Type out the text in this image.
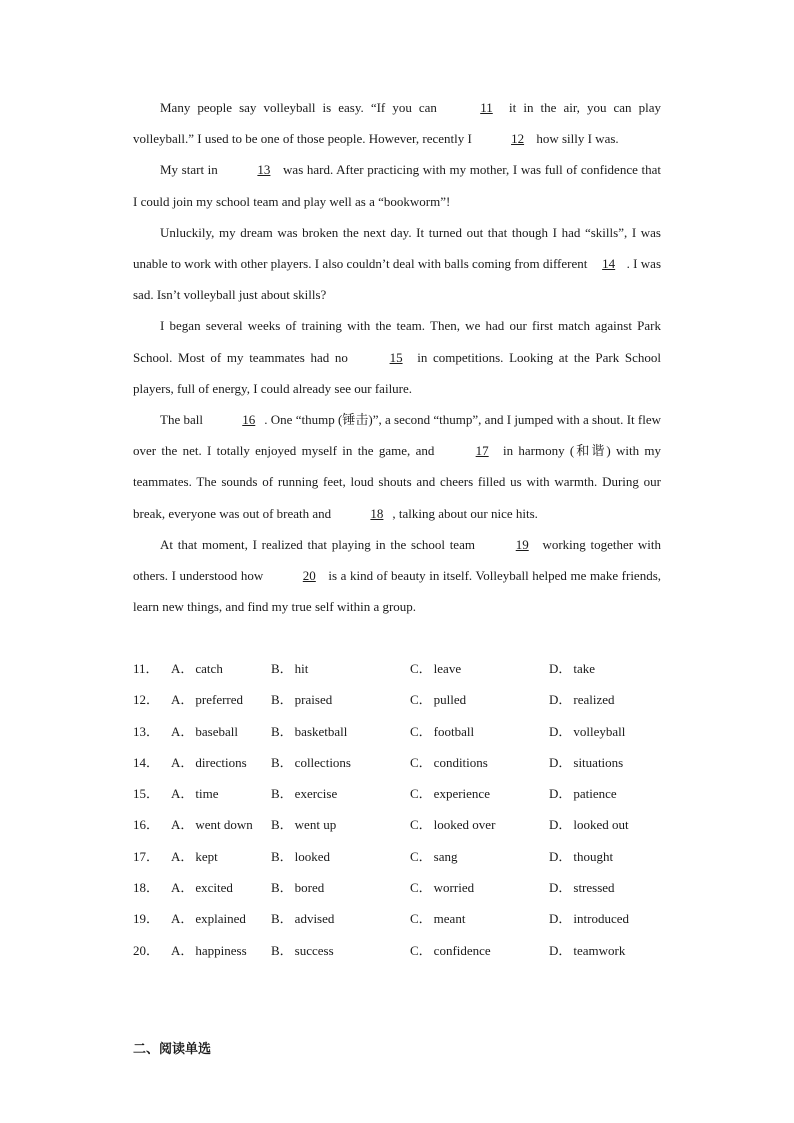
Many people say volleyball is easy. “If you can	11 it in the air, you can play volleyball.” I used to be one of those people. However, recently I	12 how silly I was.

My start in	13 was hard. After practicing with my mother, I was full of confidence that I could join my school team and play well as a “bookworm”!

Unluckily, my dream was broken the next day. It turned out that though I had “skills”, I was unable to work with other players. I also couldn’t deal with balls coming from different 14 . I was sad. Isn’t volleyball just about skills?

I began several weeks of training with the team. Then, we had our first match against Park School. Most of my teammates had no	15 in competitions. Looking at the Park School players, full of energy, I could already see our failure.

The ball	16 . One “thump (锤击)”, a second “thump”, and I jumped with a shout. It flew over the net. I totally enjoyed myself in the game, and	17 in harmony (和谐) with my teammates. The sounds of running feet, loud shouts and cheers filled us with warmth. During our break, everyone was out of breath and	18 , talking about our nice hits.

At that moment, I realized that playing in the school team	19 working together with others. I understood how	20 is a kind of beauty in itself. Volleyball helped me make friends, learn new things, and find my true self within a group.

11． A． catch	B． hit	C． leave	D． take
12． A． preferred	B． praised	C． pulled	D． realized
13． A． baseball	B． basketball	C． football	D． volleyball
14． A． directions	B． collections	C． conditions	D． situations
15． A． time	B． exercise	C． experience	D． patience
16． A． went down	B． went up	C． looked over	D． looked out
17． A． kept	B． looked	C． sang	D． thought
18． A． excited	B． bored	C． worried	D． stressed
19． A． explained	B． advised	C． meant	D． introduced
20． A． happiness	B． success	C． confidence	D． teamwork
二、阅读单选
